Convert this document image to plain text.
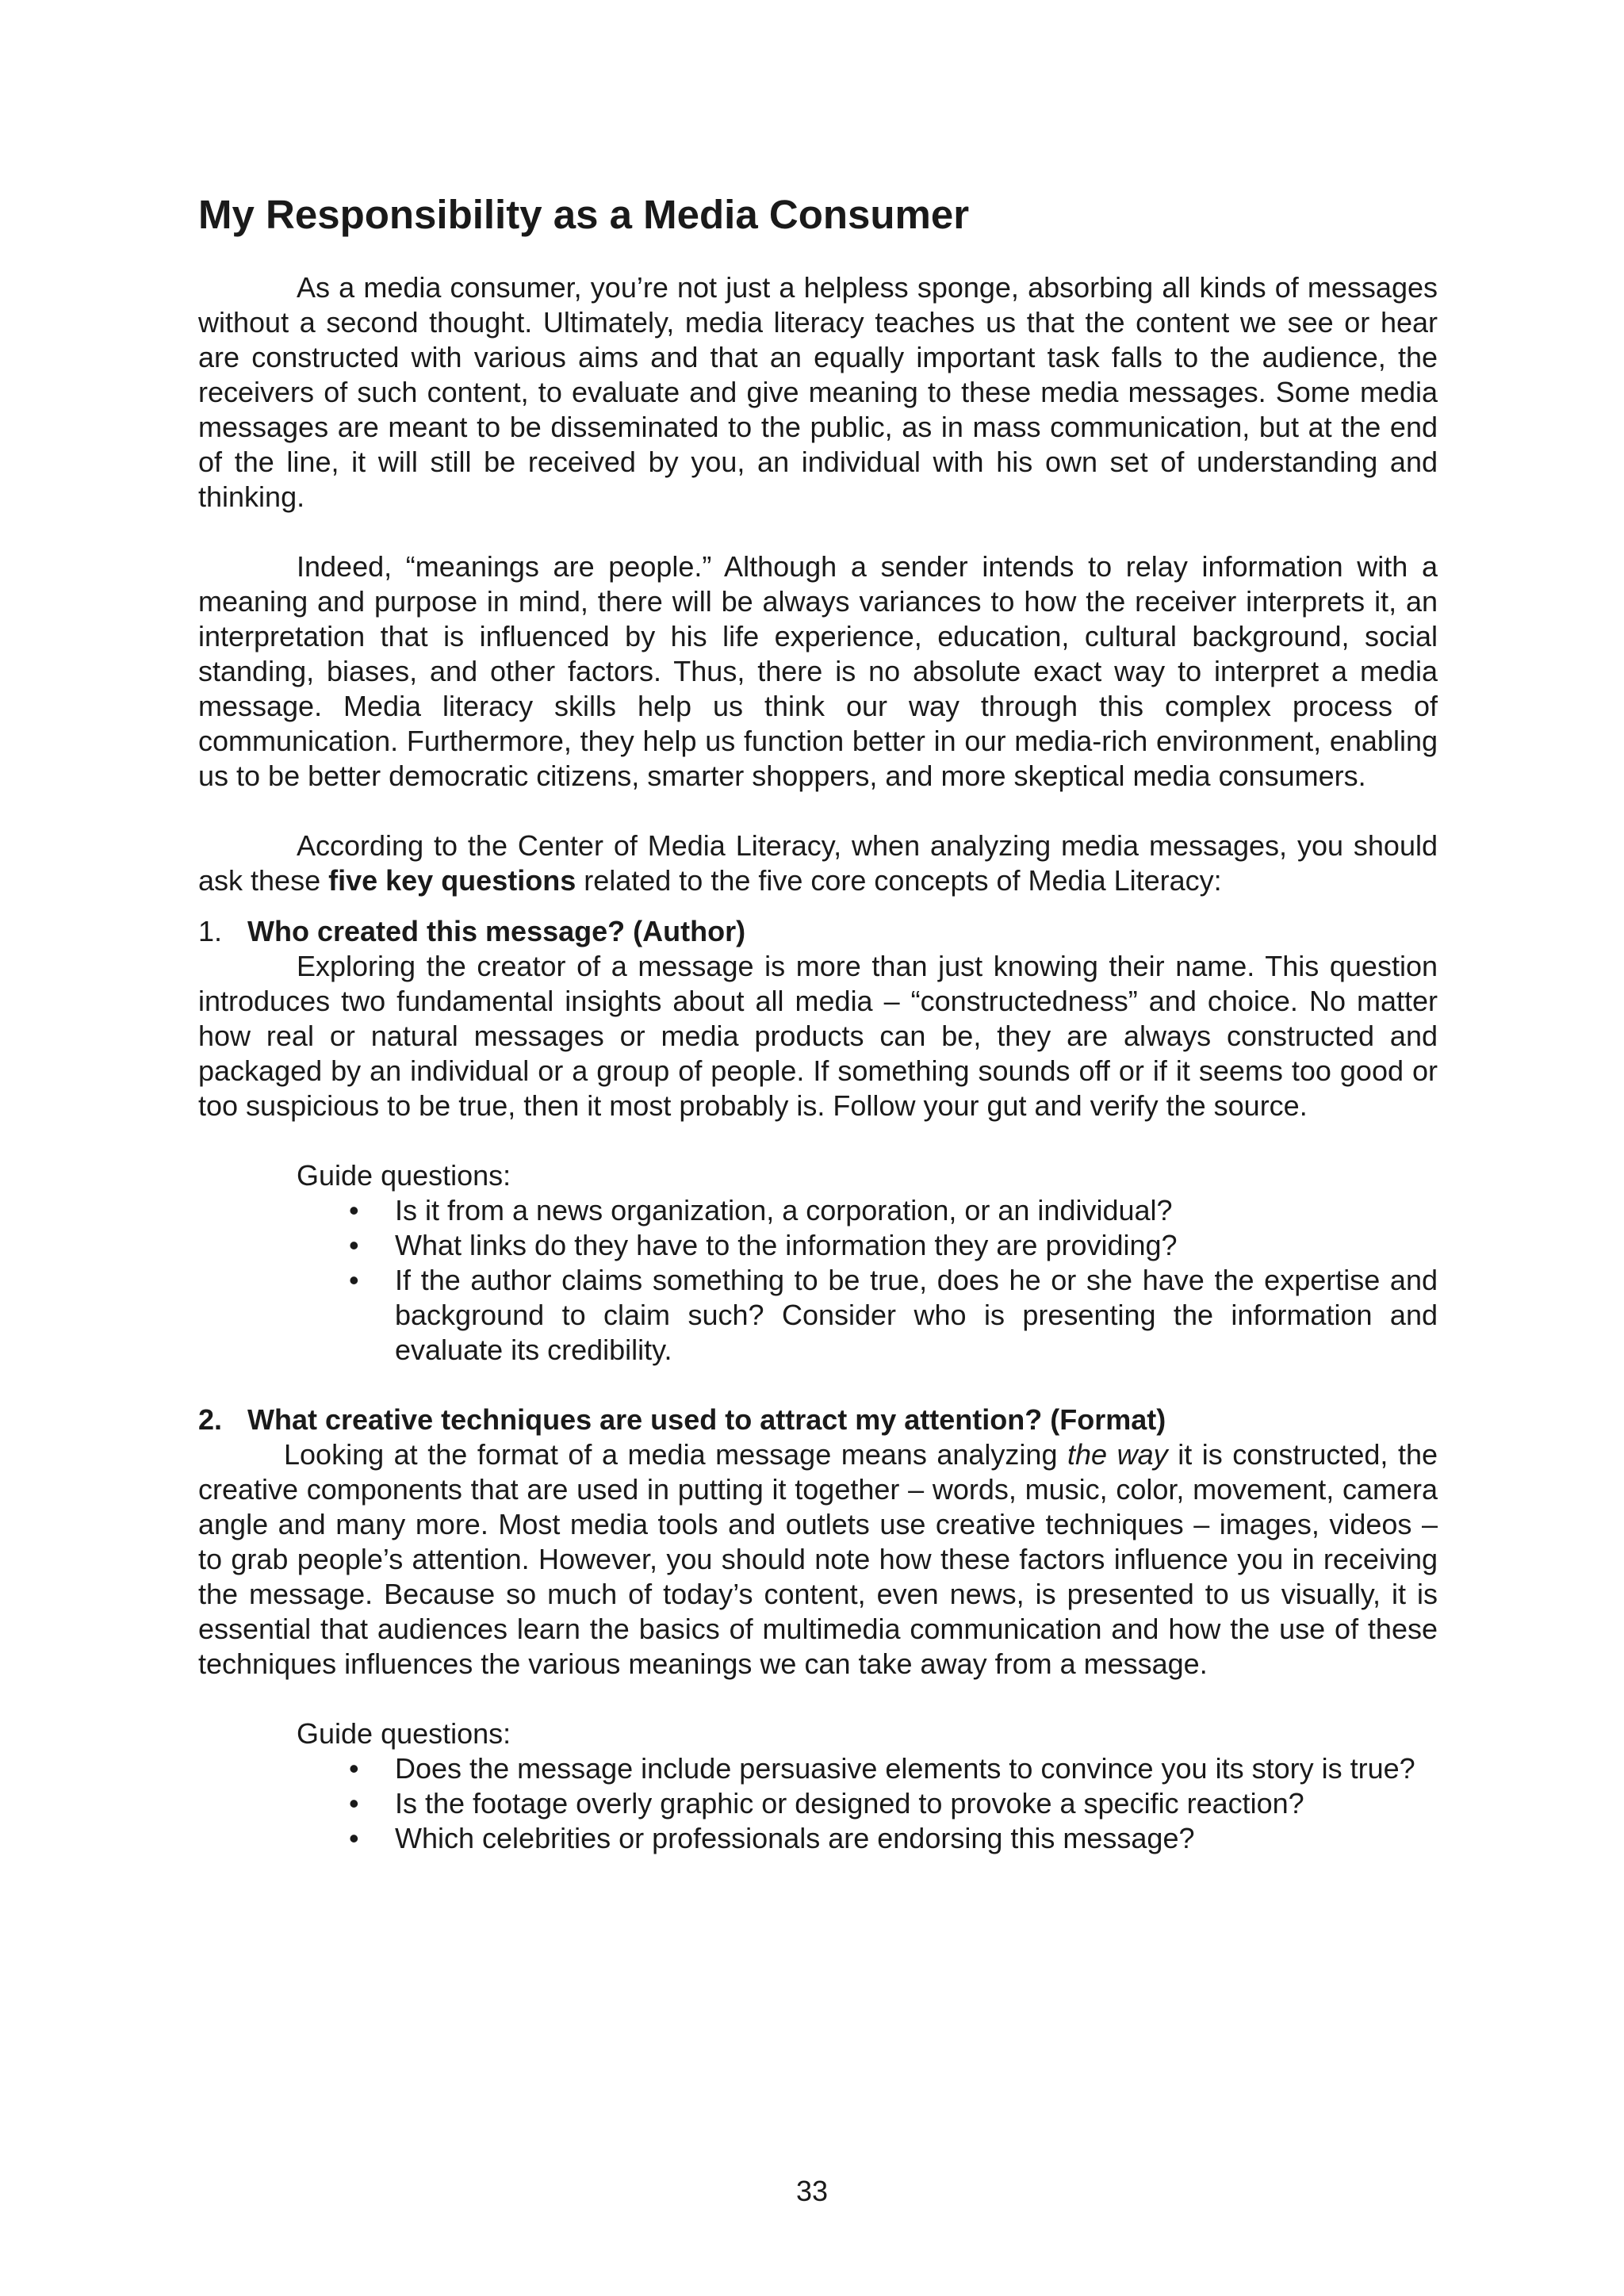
My Responsibility as a Media Consumer

As a media consumer, you’re not just a helpless sponge, absorbing all kinds of messages without a second thought. Ultimately, media literacy teaches us that the content we see or hear are constructed with various aims and that an equally important task falls to the audience, the receivers of such content, to evaluate and give meaning to these media messages. Some media messages are meant to be disseminated to the public, as in mass communication, but at the end of the line, it will still be received by you, an individual with his own set of understanding and thinking.

Indeed, “meanings are people.” Although a sender intends to relay information with a meaning and purpose in mind, there will be always variances to how the receiver interprets it, an interpretation that is influenced by his life experience, education, cultural background, social standing, biases, and other factors. Thus, there is no absolute exact way to interpret a media message. Media literacy skills help us think our way through this complex process of communication. Furthermore, they help us function better in our media-rich environment, enabling us to be better democratic citizens, smarter shoppers, and more skeptical media consumers.

According to the Center of Media Literacy, when analyzing media messages, you should ask these five key questions related to the five core concepts of Media Literacy:

1. Who created this message? (Author)

Exploring the creator of a message is more than just knowing their name. This question introduces two fundamental insights about all media – “constructedness” and choice. No matter how real or natural messages or media products can be, they are always constructed and packaged by an individual or a group of people. If something sounds off or if it seems too good or too suspicious to be true, then it most probably is. Follow your gut and verify the source.

Guide questions:

• Is it from a news organization, a corporation, or an individual?
• What links do they have to the information they are providing?
• If the author claims something to be true, does he or she have the expertise and background to claim such? Consider who is presenting the information and evaluate its credibility.
2. What creative techniques are used to attract my attention? (Format)

Looking at the format of a media message means analyzing the way it is constructed, the creative components that are used in putting it together – words, music, color, movement, camera angle and many more. Most media tools and outlets use creative techniques – images, videos – to grab people’s attention. However, you should note how these factors influence you in receiving the message. Because so much of today’s content, even news, is presented to us visually, it is essential that audiences learn the basics of multimedia communication and how the use of these techniques influences the various meanings we can take away from a message.

Guide questions:

• Does the message include persuasive elements to convince you its story is true?
• Is the footage overly graphic or designed to provoke a specific reaction?
• Which celebrities or professionals are endorsing this message?
33
